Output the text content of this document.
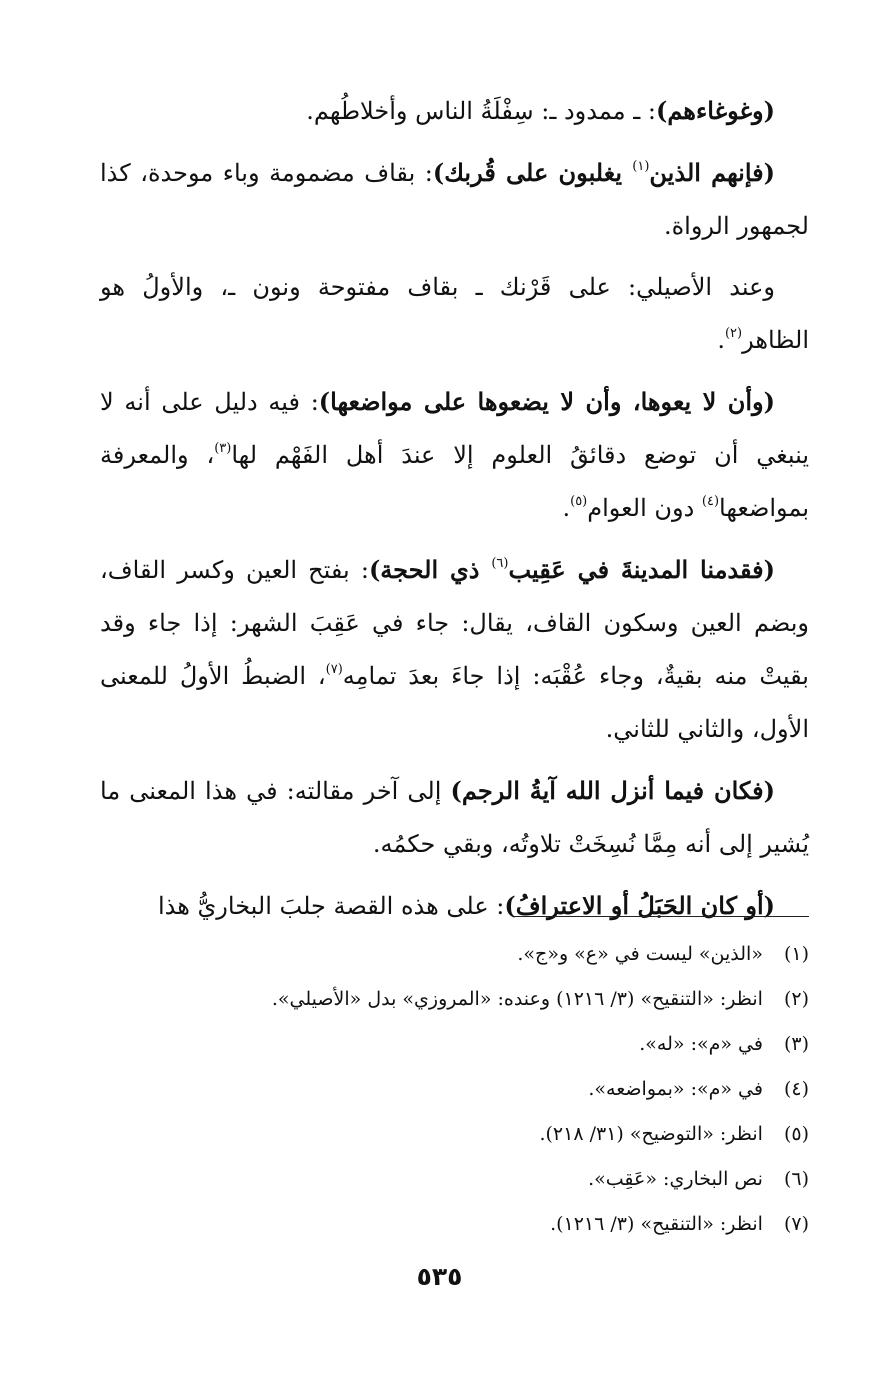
(وغوغاءهم): ـ ممدود ـ: سِفْلَةُ الناس وأخلاطُهم.

(فإنهم الذين$^{(١)}$ يغلبون على قُربك): بقاف مضمومة وباء موحدة، كذا لجمهور الرواة.

وعند الأصيلي: على قَرْنك ـ بقاف مفتوحة ونون ـ، والأولُ هو الظاهر$^{(٢)}$.

(وأن لا يعوها، وأن لا يضعوها على مواضعها): فيه دليل على أنه لا ينبغي أن توضع دقائقُ العلوم إلا عندَ أهل الفَهْم لها$^{(٣)}$، والمعرفة بمواضعها$^{(٤)}$ دون العوام$^{(٥)}$.

(فقدمنا المدينةَ في عَقِيب$^{(٦)}$ ذي الحجة): بفتح العين وكسر القاف، وبضم العين وسكون القاف، يقال: جاء في عَقِبَ الشهر: إذا جاء وقد بقيتْ منه بقيةٌ، وجاء عُقْبَه: إذا جاءَ بعدَ تمامِه$^{(٧)}$، الضبطُ الأولُ للمعنى الأول، والثاني للثاني.

(فكان فيما أنزل الله آيةُ الرجم) إلى آخر مقالته: في هذا المعنى ما يُشير إلى أنه مِمَّا نُسِخَتْ تلاوتُه، وبقي حكمُه.

(أو كان الحَبَلُ أو الاعترافُ): على هذه القصة جلبَ البخاريُّ هذا

(١) «الذين» ليست في «ع» و«ج».
(٢) انظر: «التنقيح» (٣/ ١٢١٦) وعنده: «المروزي» بدل «الأصيلي».
(٣) في «م»: «له».
(٤) في «م»: «بمواضعه».
(٥) انظر: «التوضيح» (٣١/ ٢١٨).
(٦) نص البخاري: «عَقِب».
(٧) انظر: «التنقيح» (٣/ ١٢١٦).
٥٣٥
